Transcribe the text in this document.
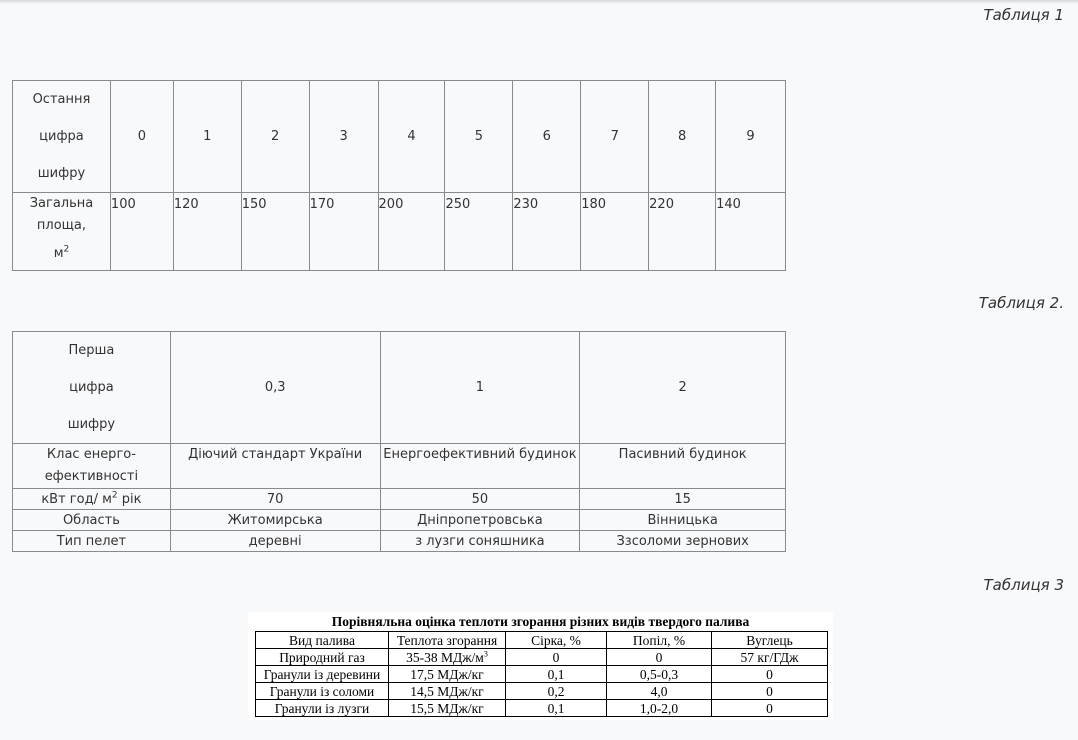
Таблиця 1
Остання
цифра
шифру	0	1	2	3	4	5	6	7	8	9

Загальна
площа,
$м^2$	100	120	150	170	200	250	230	180	220	140
Таблиця 2.
Перша
цифра
шифру	0,3	1	2

Клас енерго-
ефективності	Діючий стандарт України	Енергоефективний будинок	Пасивний будинок

кВт год/ $м^2$ рік	70	50	15
Область	Житомирська	Дніпропетровська	Вінницька
Тип пелет	деревні	з лузги соняшника	Ззсоломи зернових
Таблиця 3
Порівняльна оцінка теплоти згорання різних видів твердого палива
Вид палива	Теплота згорання	Сірка, %	Попіл, %	Вуглець
Природний газ	35-38 МДж/$м^3$	0	0	57 кг/ГДж
Гранули із деревини	17,5 МДж/кг	0,1	0,5-0,3	0
Гранули із соломи	14,5 МДж/кг	0,2	4,0	0
Гранули із лузги	15,5 МДж/кг	0,1	1,0-2,0	0
